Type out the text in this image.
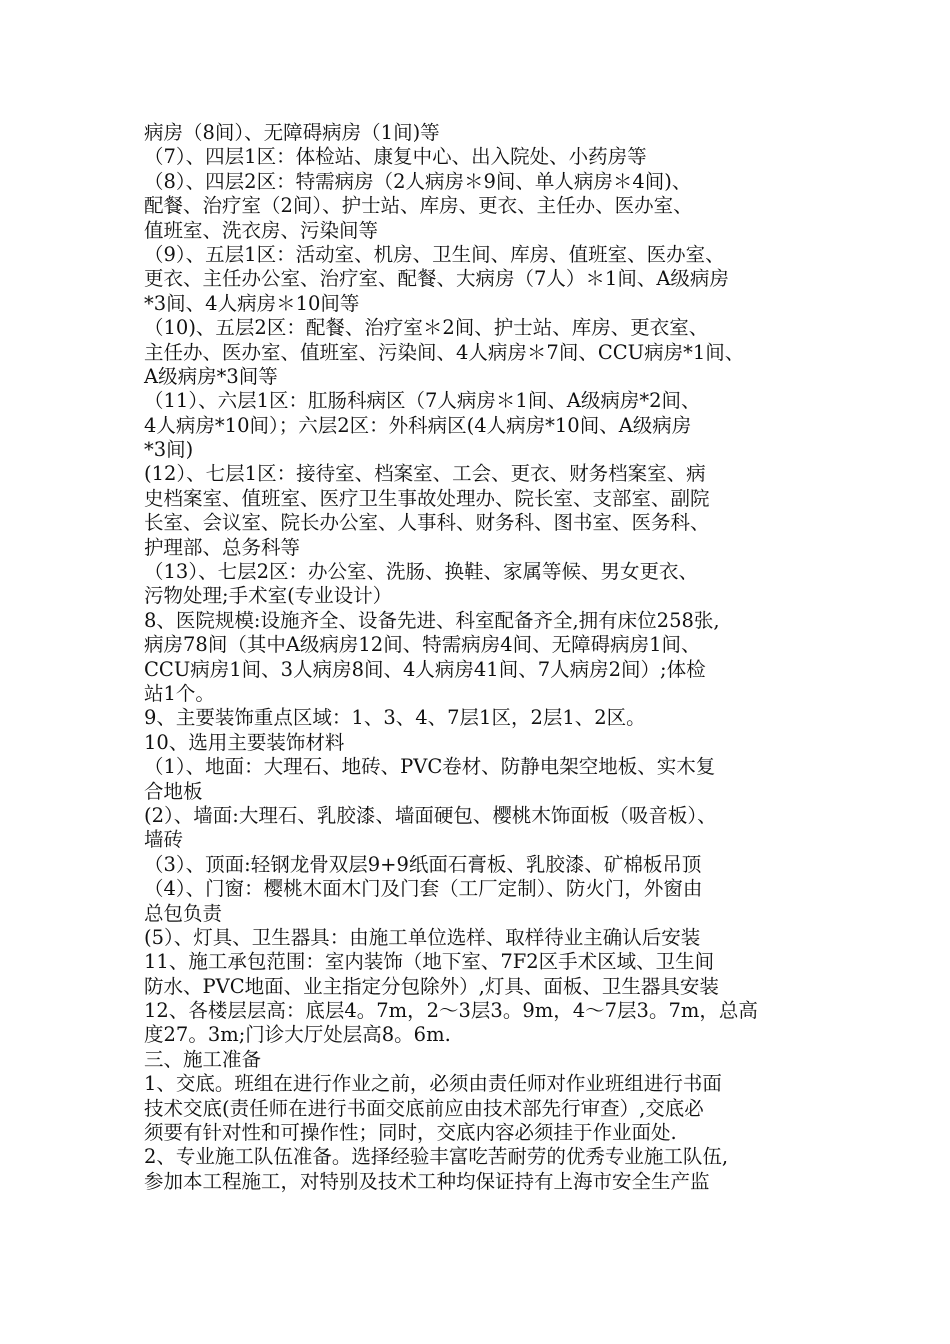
病房（8间）、无障碍病房（1间)等
（7）、四层1区：体检站、康复中心、出入院处、小药房等
（8）、四层2区：特需病房（2人病房＊9间、单人病房＊4间)、
配餐、治疗室（2间）、护士站、库房、更衣、主任办、医办室、
值班室、洗衣房、污染间等
（9）、五层1区：活动室、机房、卫生间、库房、值班室、医办室、
更衣、主任办公室、治疗室、配餐、大病房（7人）＊1间、A级病房
*3间、4人病房＊10间等
（10)、五层2区：配餐、治疗室＊2间、护士站、库房、更衣室、
主任办、医办室、值班室、污染间、4人病房＊7间、CCU病房*1间、
A级病房*3间等
（11）、六层1区：肛肠科病区（7人病房＊1间、A级病房*2间、
4人病房*10间）；六层2区：外科病区(4人病房*10间、A级病房
*3间)
(12）、七层1区：接待室、档案室、工会、更衣、财务档案室、病
史档案室、值班室、医疗卫生事故处理办、院长室、支部室、副院
长室、会议室、院长办公室、人事科、财务科、图书室、医务科、
护理部、总务科等
（13）、七层2区：办公室、洗肠、换鞋、家属等候、男女更衣、
污物处理;手术室(专业设计）
8、医院规模:设施齐全、设备先进、科室配备齐全,拥有床位258张,
病房78间（其中A级病房12间、特需病房4间、无障碍病房1间、
CCU病房1间、3人病房8间、4人病房41间、7人病房2间）;体检
站1个。
9、主要装饰重点区域：1、3、4、7层1区，2层1、2区。
10、选用主要装饰材料
（1）、地面：大理石、地砖、PVC卷材、防静电架空地板、实木复
合地板
(2）、墙面:大理石、乳胶漆、墙面硬包、樱桃木饰面板（吸音板）、
墙砖
（3）、顶面:轻钢龙骨双层9+9纸面石膏板、乳胶漆、矿棉板吊顶
（4）、门窗：樱桃木面木门及门套（工厂定制）、防火门，外窗由
总包负责
(5）、灯具、卫生器具：由施工单位选样、取样待业主确认后安装
11、施工承包范围：室内装饰（地下室、7F2区手术区域、卫生间
防水、PVC地面、业主指定分包除外）,灯具、面板、卫生器具安装
12、各楼层层高：底层4。7m，2～3层3。9m，4～7层3。7m，总高
度27。3m;门诊大厅处层高8。6m.
三、施工准备
1、交底。班组在进行作业之前，必须由责任师对作业班组进行书面
技术交底(责任师在进行书面交底前应由技术部先行审查）,交底必
须要有针对性和可操作性；同时，交底内容必须挂于作业面处.
2、专业施工队伍准备。选择经验丰富吃苦耐劳的优秀专业施工队伍,
参加本工程施工，对特别及技术工种均保证持有上海市安全生产监
